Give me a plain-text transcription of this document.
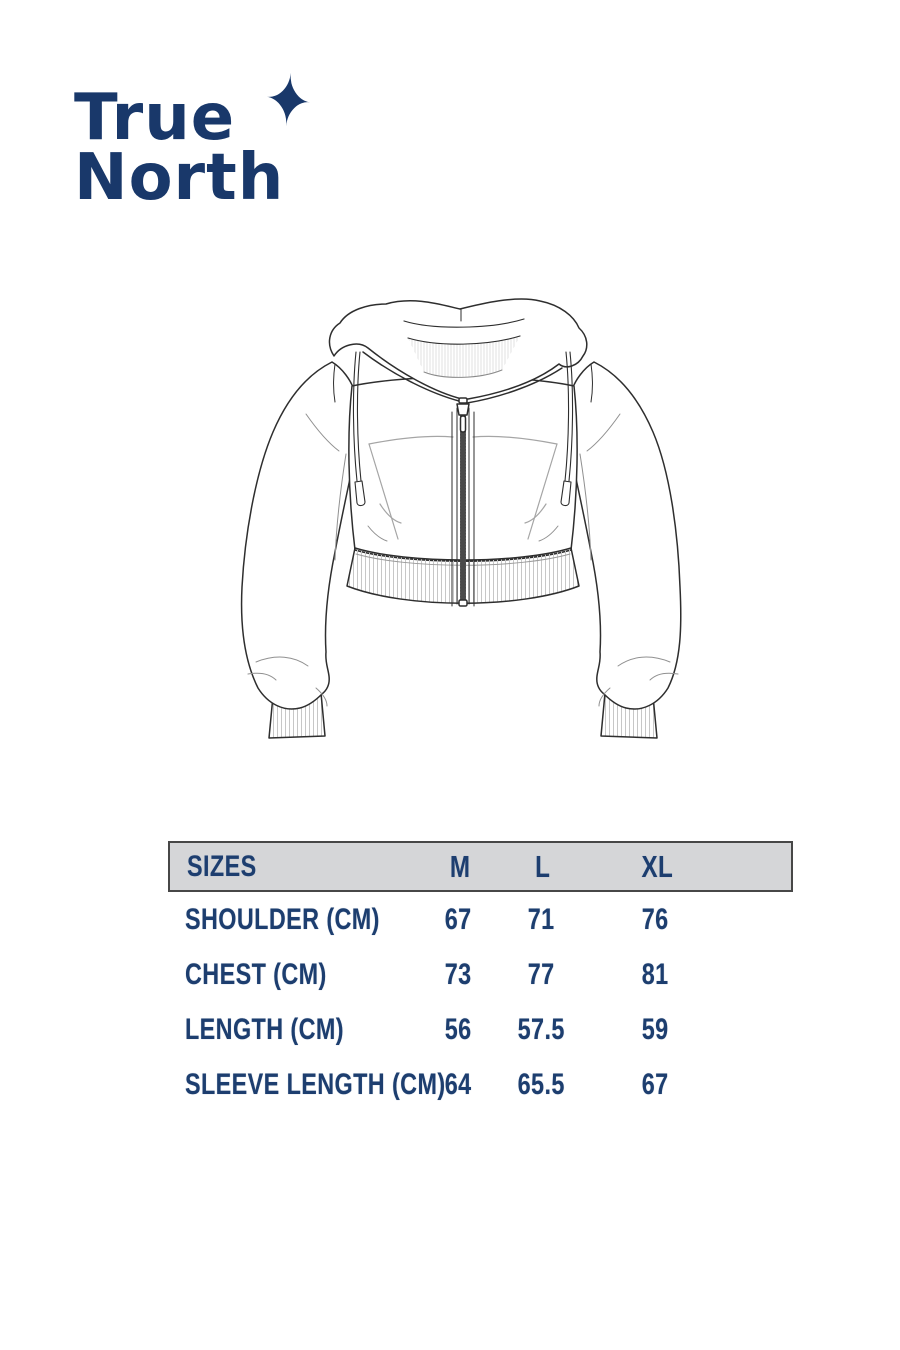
True
North
✦
SIZES	M	L	XL
SHOULDER (CM)	67	71	76
CHEST (CM)	73	77	81
LENGTH (CM)	56	57.5	59
SLEEVE LENGTH (CM) 64	65.5	67
